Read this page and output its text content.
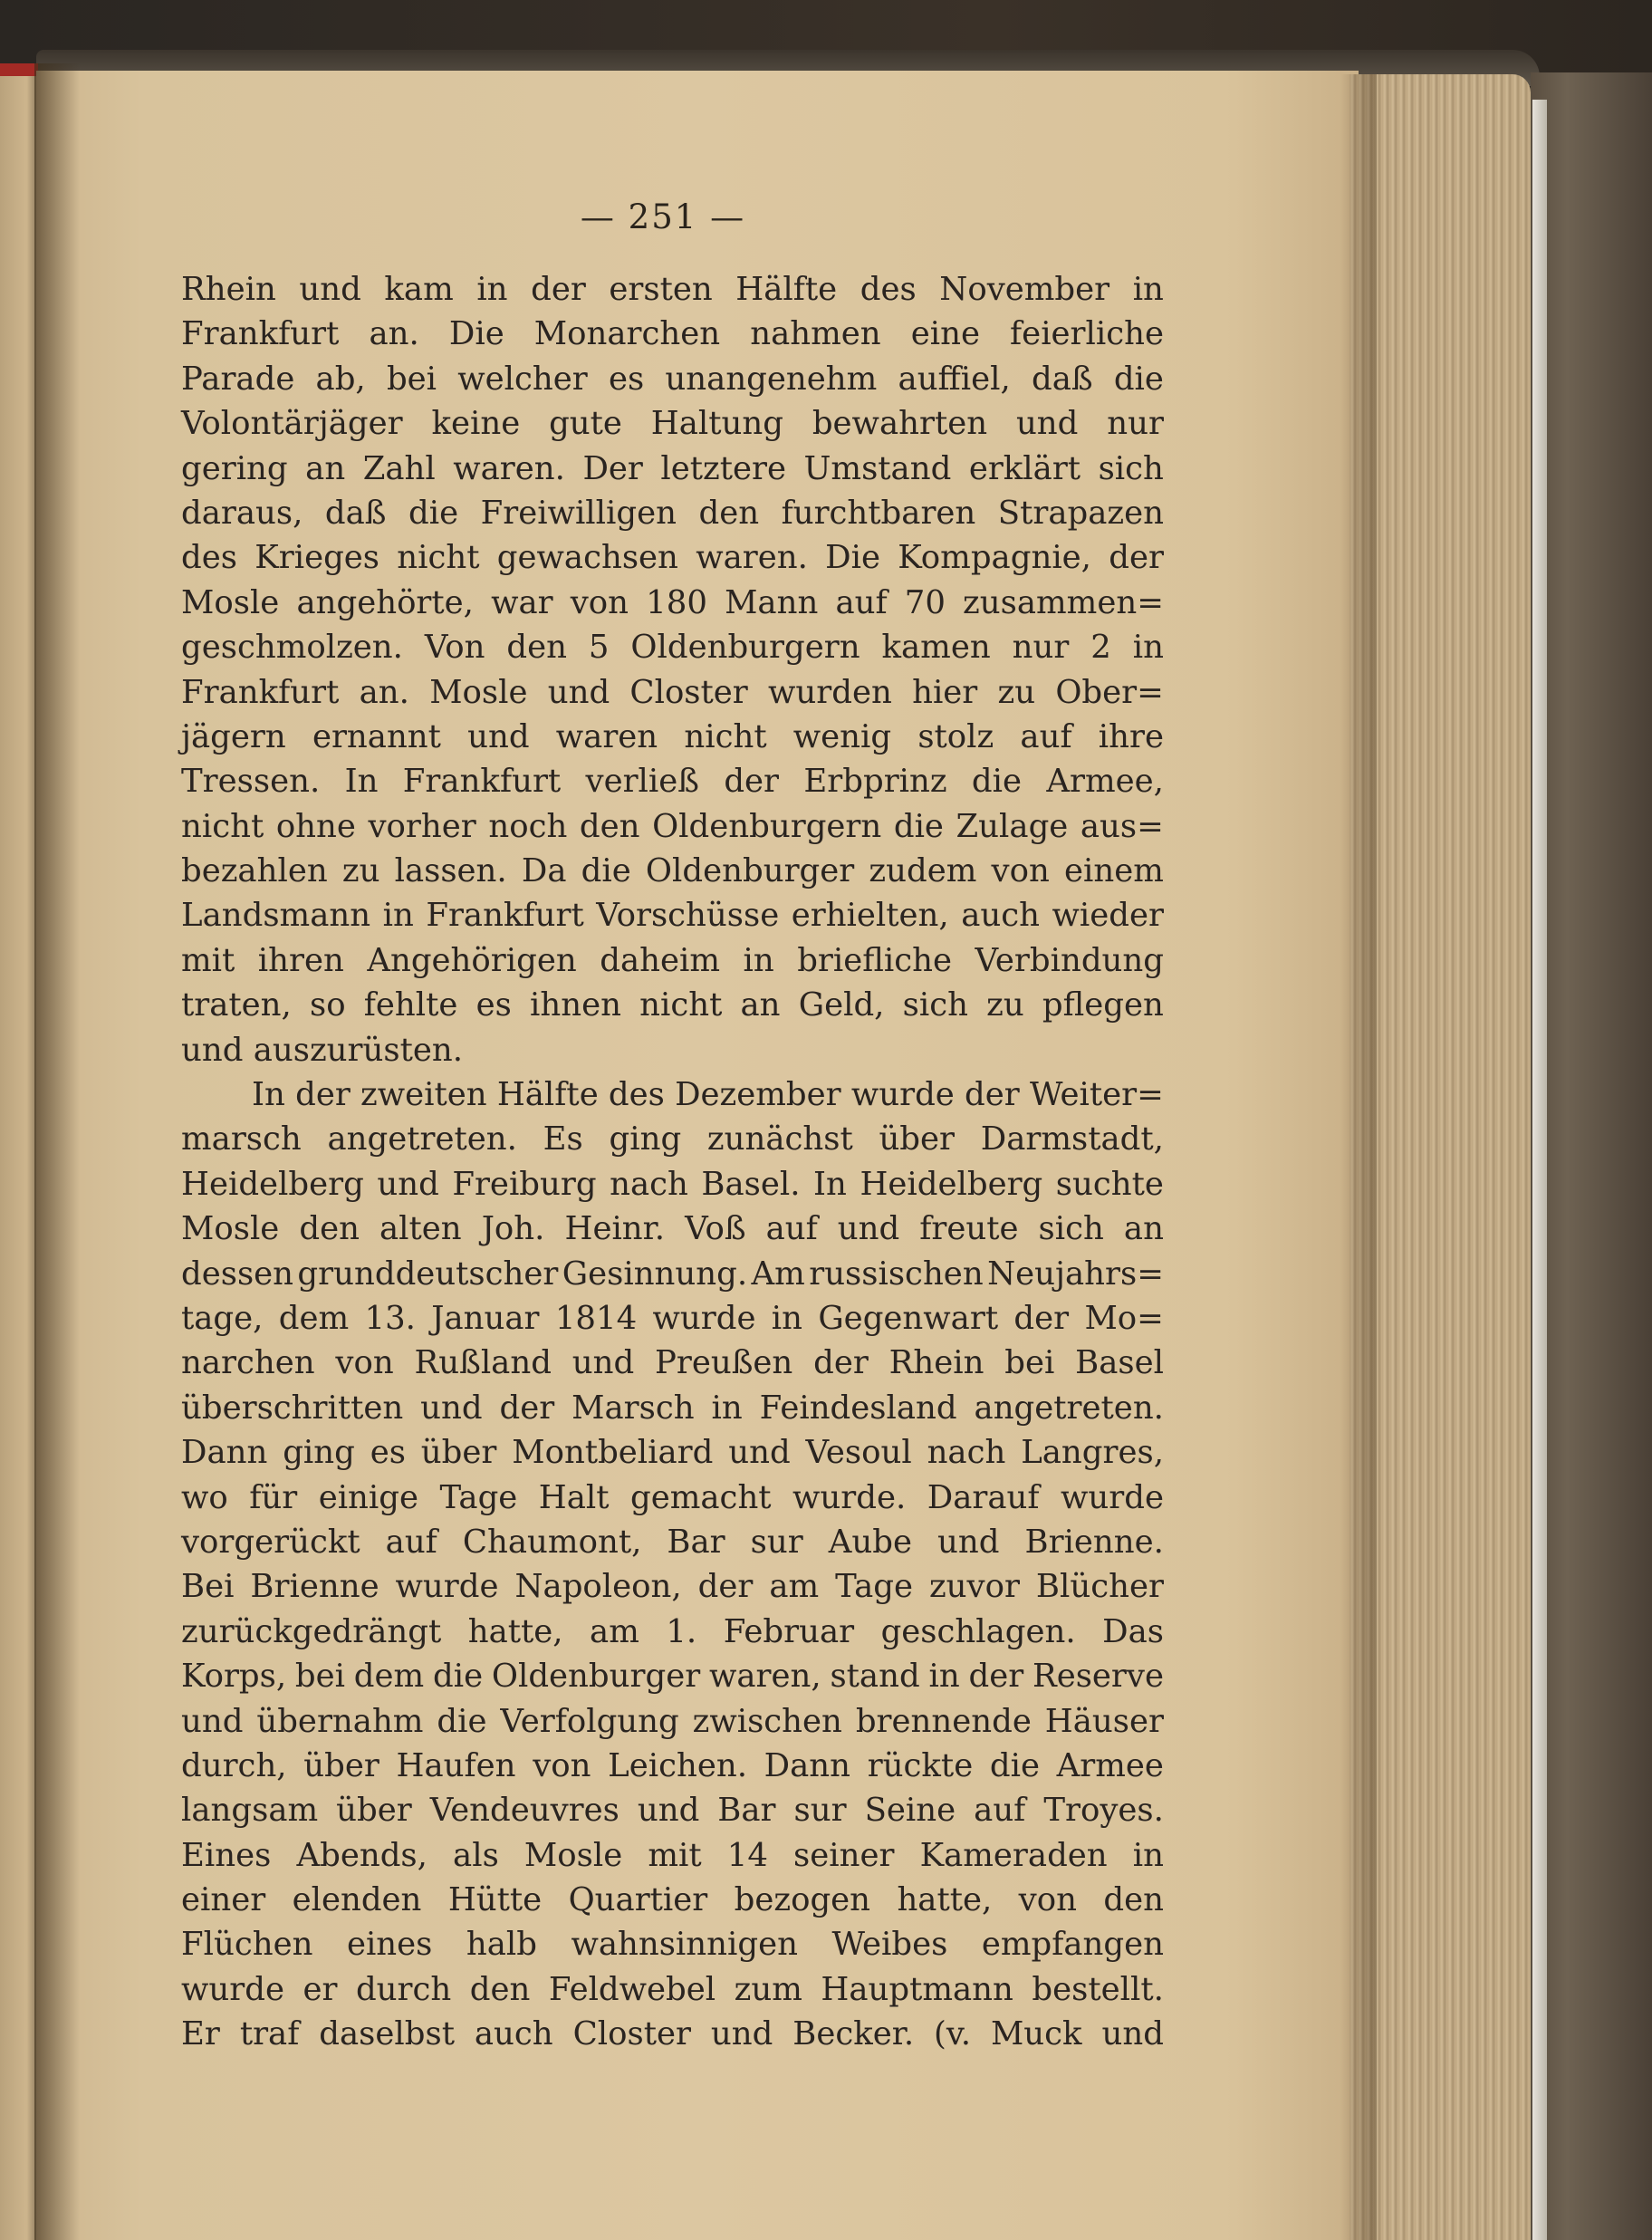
— 251 —
Rhein und kam in der ersten Hälfte des November in
Frankfurt an. Die Monarchen nahmen eine feierliche
Parade ab, bei welcher es unangenehm auffiel, daß die
Volontärjäger keine gute Haltung bewahrten und nur
gering an Zahl waren. Der letztere Umstand erklärt sich
daraus, daß die Freiwilligen den furchtbaren Strapazen
des Krieges nicht gewachsen waren. Die Kompagnie, der
Mosle angehörte, war von 180 Mann auf 70 zusammen=
geschmolzen. Von den 5 Oldenburgern kamen nur 2 in
Frankfurt an. Mosle und Closter wurden hier zu Ober=
jägern ernannt und waren nicht wenig stolz auf ihre
Tressen. In Frankfurt verließ der Erbprinz die Armee,
nicht ohne vorher noch den Oldenburgern die Zulage aus=
bezahlen zu lassen. Da die Oldenburger zudem von einem
Landsmann in Frankfurt Vorschüsse erhielten, auch wieder
mit ihren Angehörigen daheim in briefliche Verbindung
traten, so fehlte es ihnen nicht an Geld, sich zu pflegen
und auszurüsten.
In der zweiten Hälfte des Dezember wurde der Weiter=
marsch angetreten. Es ging zunächst über Darmstadt,
Heidelberg und Freiburg nach Basel. In Heidelberg suchte
Mosle den alten Joh. Heinr. Voß auf und freute sich an
dessen grunddeutscher Gesinnung. Am russischen Neujahrs=
tage, dem 13. Januar 1814 wurde in Gegenwart der Mo=
narchen von Rußland und Preußen der Rhein bei Basel
überschritten und der Marsch in Feindesland angetreten.
Dann ging es über Montbeliard und Vesoul nach Langres,
wo für einige Tage Halt gemacht wurde. Darauf wurde
vorgerückt auf Chaumont, Bar sur Aube und Brienne.
Bei Brienne wurde Napoleon, der am Tage zuvor Blücher
zurückgedrängt hatte, am 1. Februar geschlagen. Das
Korps, bei dem die Oldenburger waren, stand in der Reserve
und übernahm die Verfolgung zwischen brennende Häuser
durch, über Haufen von Leichen. Dann rückte die Armee
langsam über Vendeuvres und Bar sur Seine auf Troyes.
Eines Abends, als Mosle mit 14 seiner Kameraden in
einer elenden Hütte Quartier bezogen hatte, von den
Flüchen eines halb wahnsinnigen Weibes empfangen
wurde er durch den Feldwebel zum Hauptmann bestellt.
Er traf daselbst auch Closter und Becker. (v. Muck und
